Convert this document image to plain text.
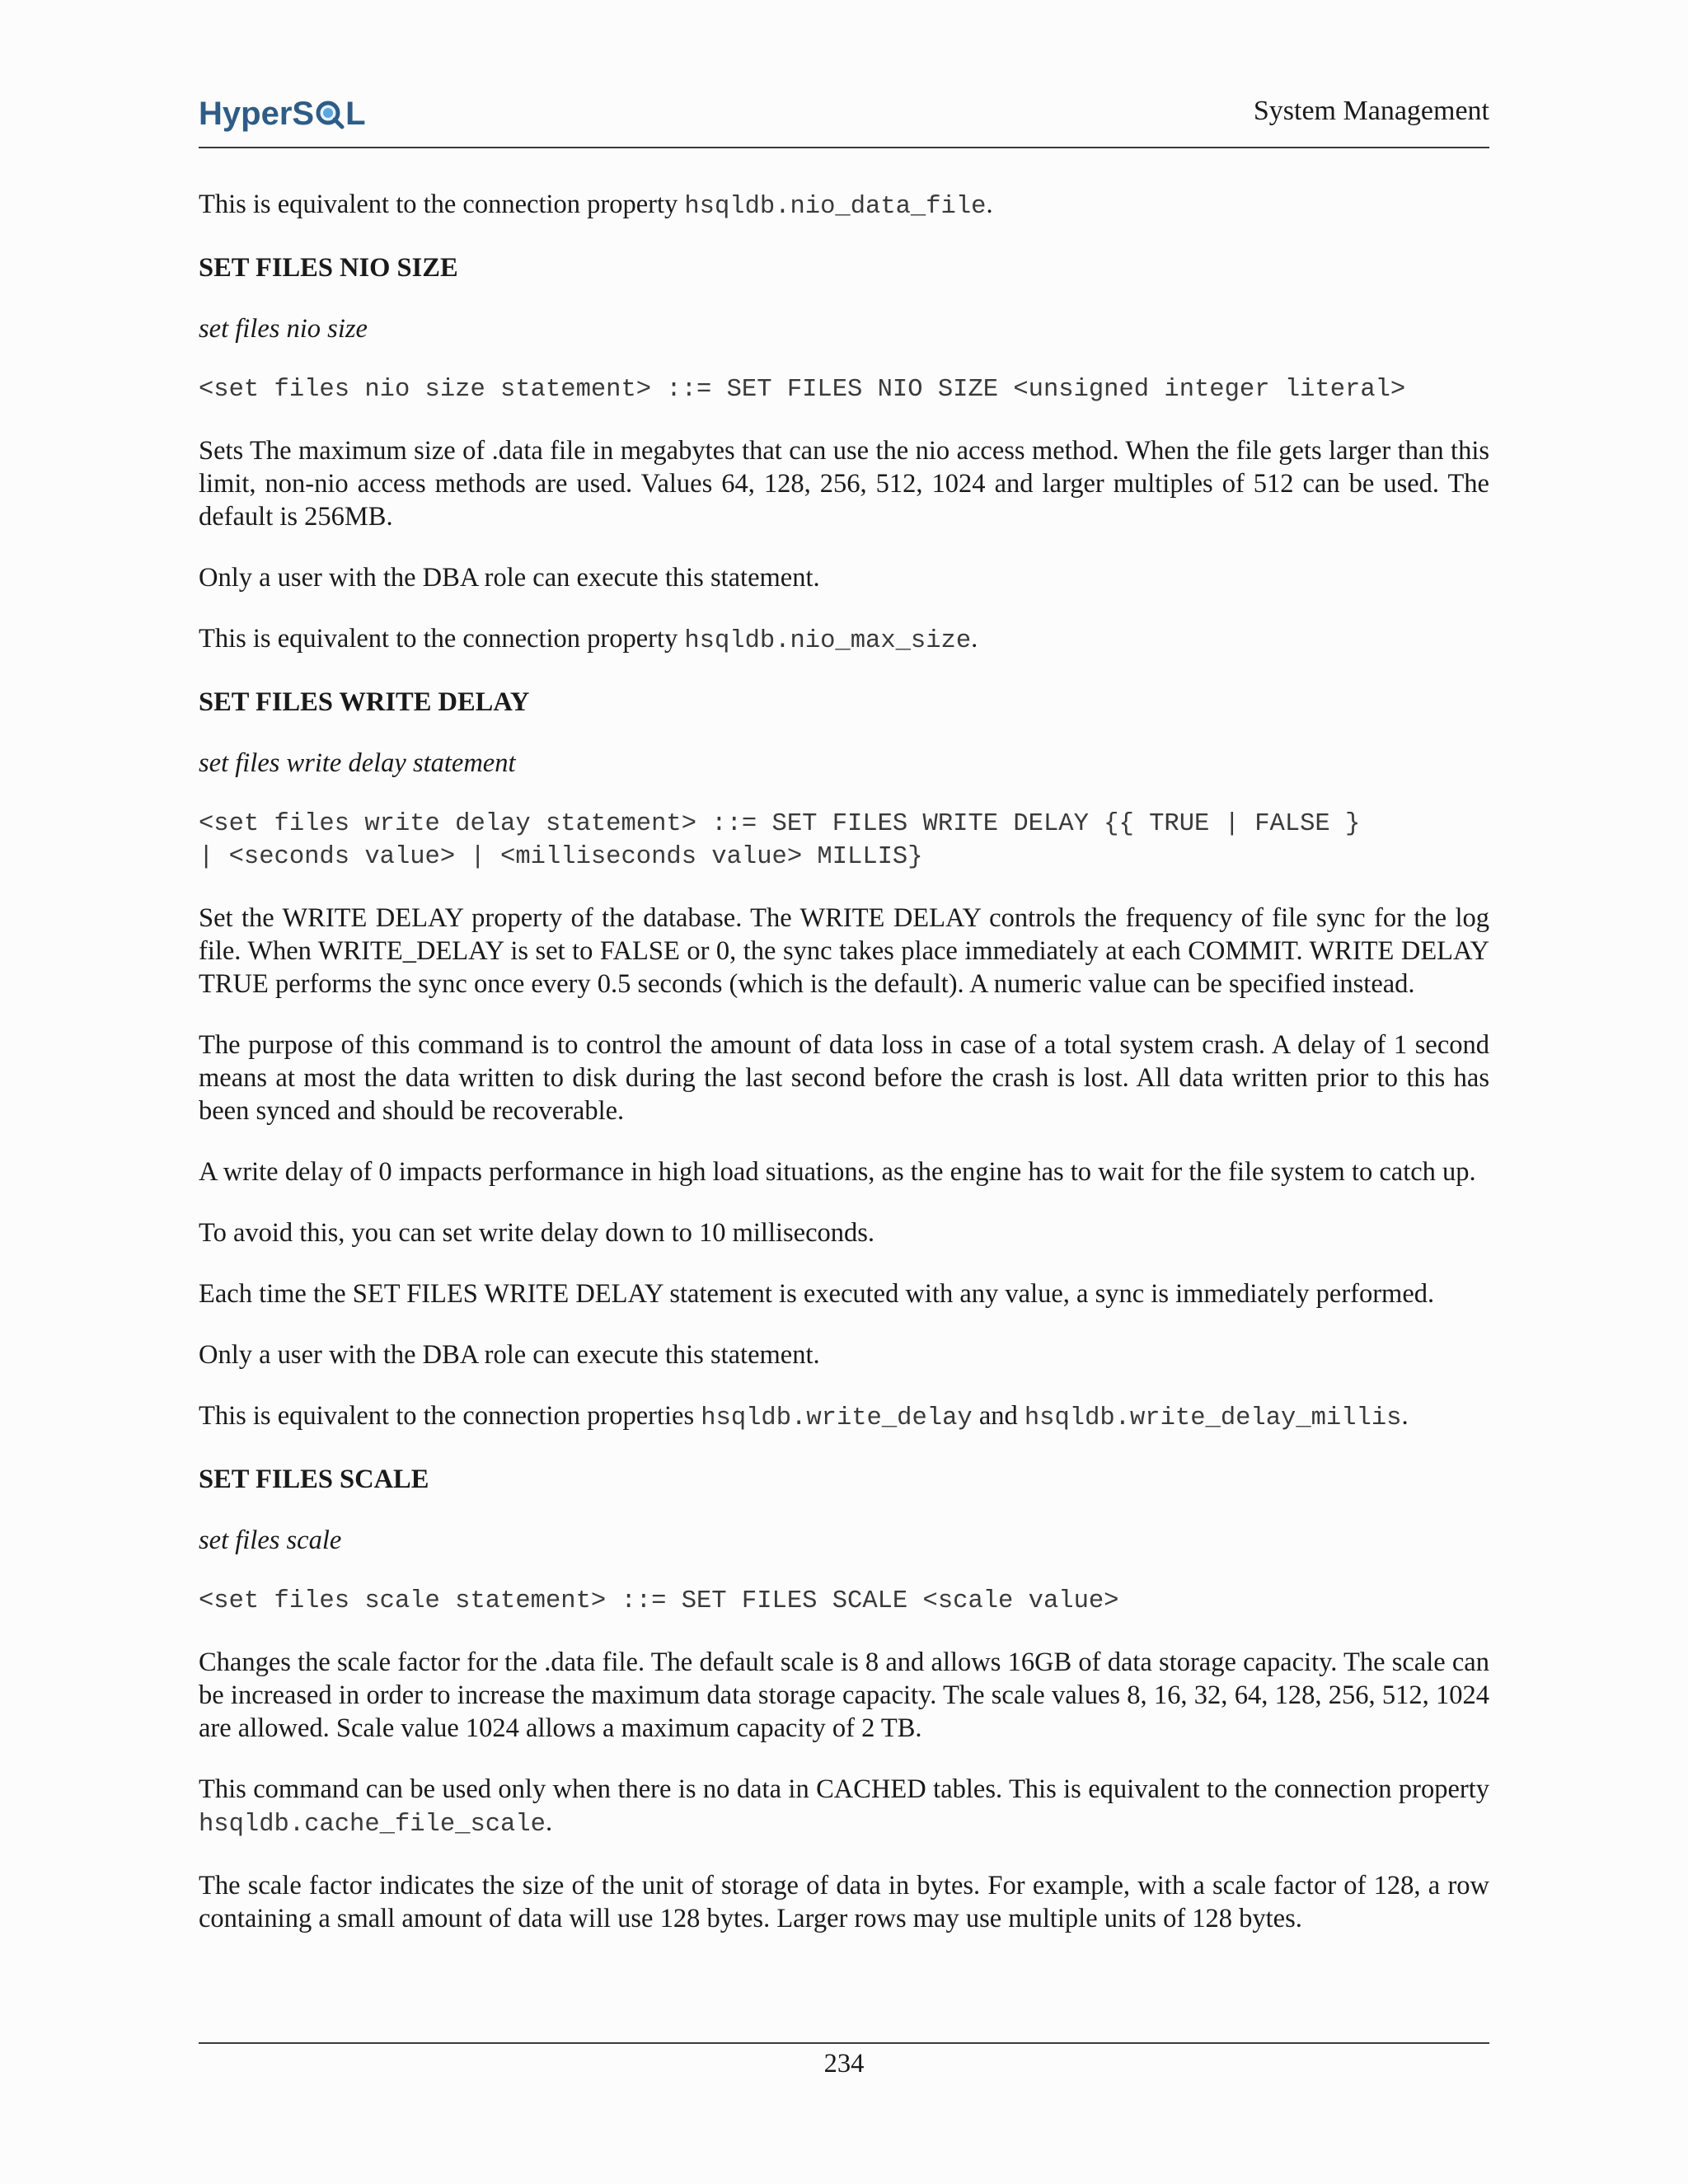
HyperS L	System Management

This is equivalent to the connection property hsqldb.nio_data_file.

SET FILES NIO SIZE

set files nio size

<set files nio size statement> ::= SET FILES NIO SIZE <unsigned integer literal>

Sets The maximum size of .data file in megabytes that can use the nio access method. When the file gets larger than this limit, non-nio access methods are used. Values 64, 128, 256, 512, 1024 and larger multiples of 512 can be used. The default is 256MB.

Only a user with the DBA role can execute this statement.

This is equivalent to the connection property hsqldb.nio_max_size.

SET FILES WRITE DELAY

set files write delay statement

<set files write delay statement> ::= SET FILES WRITE DELAY {{ TRUE | FALSE }
| <seconds value> | <milliseconds value> MILLIS}

Set the WRITE DELAY property of the database. The WRITE DELAY controls the frequency of file sync for the log file. When WRITE_DELAY is set to FALSE or 0, the sync takes place immediately at each COMMIT. WRITE DELAY TRUE performs the sync once every 0.5 seconds (which is the default). A numeric value can be specified instead.

The purpose of this command is to control the amount of data loss in case of a total system crash. A delay of 1 second means at most the data written to disk during the last second before the crash is lost. All data written prior to this has been synced and should be recoverable.

A write delay of 0 impacts performance in high load situations, as the engine has to wait for the file system to catch up.

To avoid this, you can set write delay down to 10 milliseconds.

Each time the SET FILES WRITE DELAY statement is executed with any value, a sync is immediately performed.

Only a user with the DBA role can execute this statement.

This is equivalent to the connection properties hsqldb.write_delay and hsqldb.write_delay_millis.

SET FILES SCALE

set files scale

<set files scale statement> ::= SET FILES SCALE <scale value>

Changes the scale factor for the .data file. The default scale is 8 and allows 16GB of data storage capacity. The scale can be increased in order to increase the maximum data storage capacity. The scale values 8, 16, 32, 64, 128, 256, 512, 1024 are allowed. Scale value 1024 allows a maximum capacity of 2 TB.

This command can be used only when there is no data in CACHED tables. This is equivalent to the connection property hsqldb.cache_file_scale.

The scale factor indicates the size of the unit of storage of data in bytes. For example, with a scale factor of 128, a row containing a small amount of data will use 128 bytes. Larger rows may use multiple units of 128 bytes.

234
